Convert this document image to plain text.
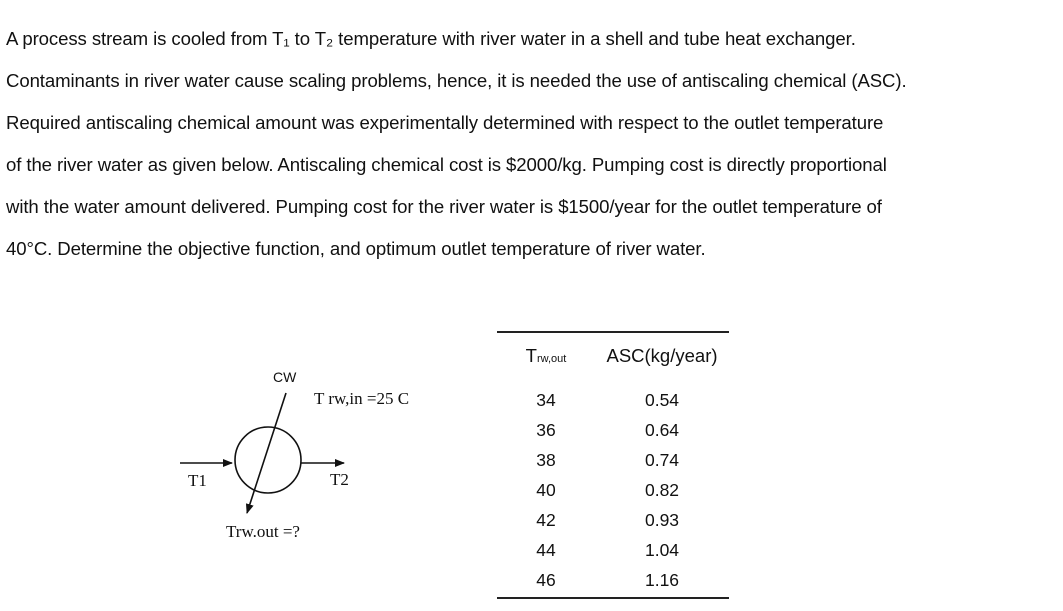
A process stream is cooled from T₁ to T₂ temperature with river water in a shell and tube heat exchanger.
Contaminants in river water cause scaling problems, hence, it is needed the use of antiscaling chemical (ASC).
Required antiscaling chemical amount was experimentally determined with respect to the outlet temperature
of the river water as given below. Antiscaling chemical cost is $2000/kg. Pumping cost is directly proportional
with the water amount delivered. Pumping cost for the river water is $1500/year for the outlet temperature of
40°C. Determine the objective function, and optimum outlet temperature of river water.
CW
T rw,in =25 C
T1	T2
Trw.out =?
Trw,out	ASC(kg/year)
34	0.54
36	0.64
38	0.74
40	0.82
42	0.93
44	1.04
46	1.16
